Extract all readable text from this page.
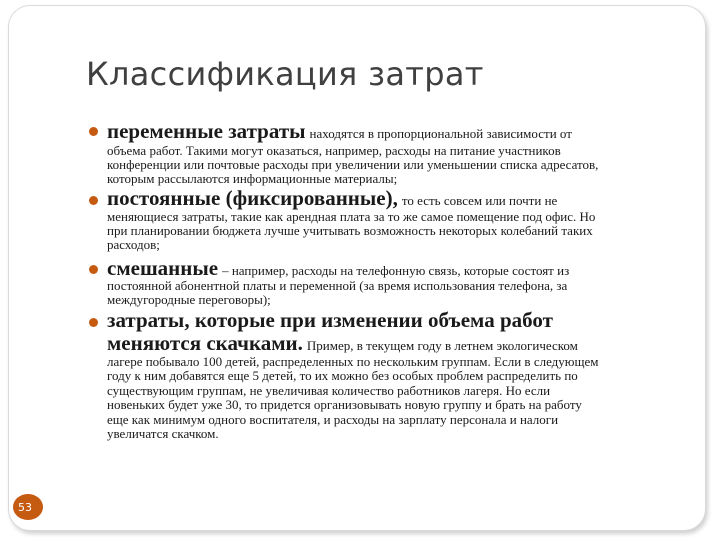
Классификация затрат
переменные затраты находятся в пропорциональной зависимости от
объема работ. Такими могут оказаться, например, расходы на питание участников
конференции или почтовые расходы при увеличении или уменьшении списка адресатов,
которым рассылаются информационные материалы;
постоянные (фиксированные), то есть совсем или почти не
меняющиеся затраты, такие как арендная плата за то же самое помещение под офис. Но
при планировании бюджета лучше учитывать возможность некоторых колебаний таких
расходов;
смешанные – например, расходы на телефонную связь, которые состоят из
постоянной абонентной платы и переменной (за время использования телефона, за
междугородные переговоры);
затраты, которые при изменении объема работ
меняются скачками. Пример, в текущем году в летнем экологическом
лагере побывало 100 детей, распределенных по нескольким группам. Если в следующем
году к ним добавятся еще 5 детей, то их можно без особых проблем распределить по
существующим группам, не увеличивая количество работников лагеря. Но если
новеньких будет уже 30, то придется организовывать новую группу и брать на работу
еще как минимум одного воспитателя, и расходы на зарплату персонала и налоги
увеличатся скачком.
53
